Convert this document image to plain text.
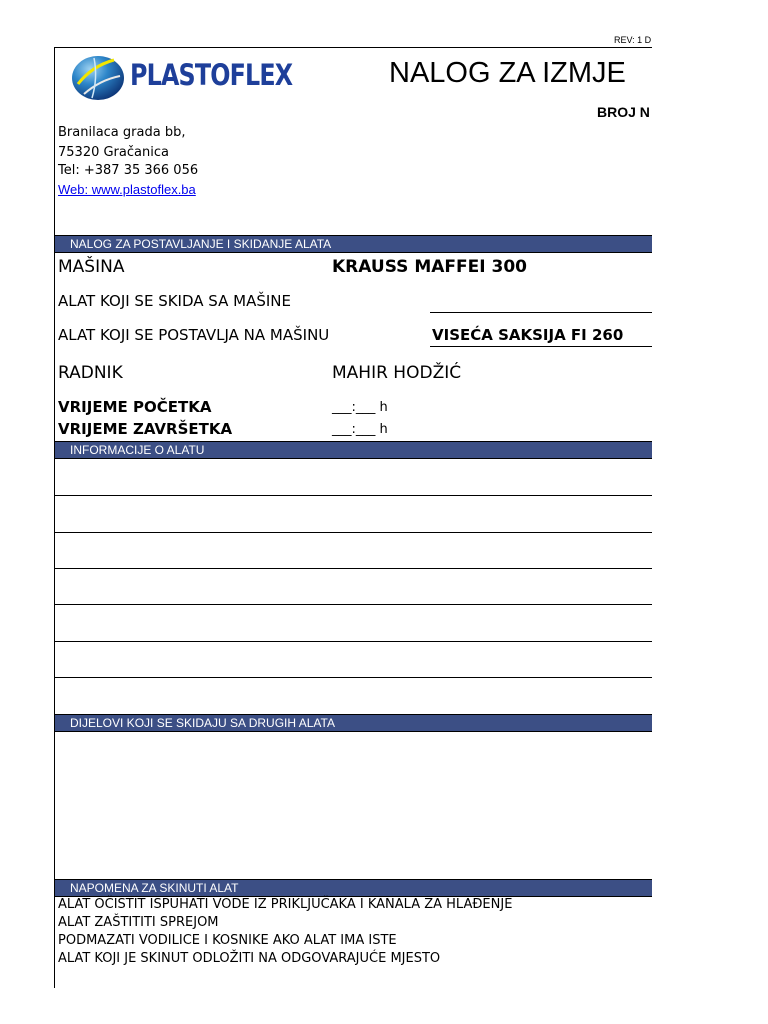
REV: 1 D
PLASTOFLEX	NALOG ZA IZMJE
BROJ N
Branilaca grada bb,
75320 Gračanica
Tel: +387 35 366 056
Web: www.plastoflex.ba
NALOG ZA POSTAVLJANJE I SKIDANJE ALATA
MAŠINA	KRAUSS MAFFEI 300
ALAT KOJI SE SKIDA SA MAŠINE
ALAT KOJI SE POSTAVLJA NA MAŠINU	VISEĆA SAKSIJA FI 260
RADNIK	MAHIR HODŽIĆ
VRIJEME POČETKA	___:___ h
VRIJEME ZAVRŠETKA	___:___ h
INFORMACIJE O ALATU
DIJELOVI KOJI SE SKIDAJU SA DRUGIH ALATA
NAPOMENA ZA SKINUTI ALAT
ALAT OČISTIT ISPUHATI VODE IZ PRIKLJUČAKA I KANALA ZA HLAĐENJE
ALAT ZAŠTITITI SPREJOM
PODMAZATI VODILICE I KOSNIKE AKO ALAT IMA ISTE
ALAT KOJI JE SKINUT ODLOŽITI NA ODGOVARAJUĆE MJESTO
